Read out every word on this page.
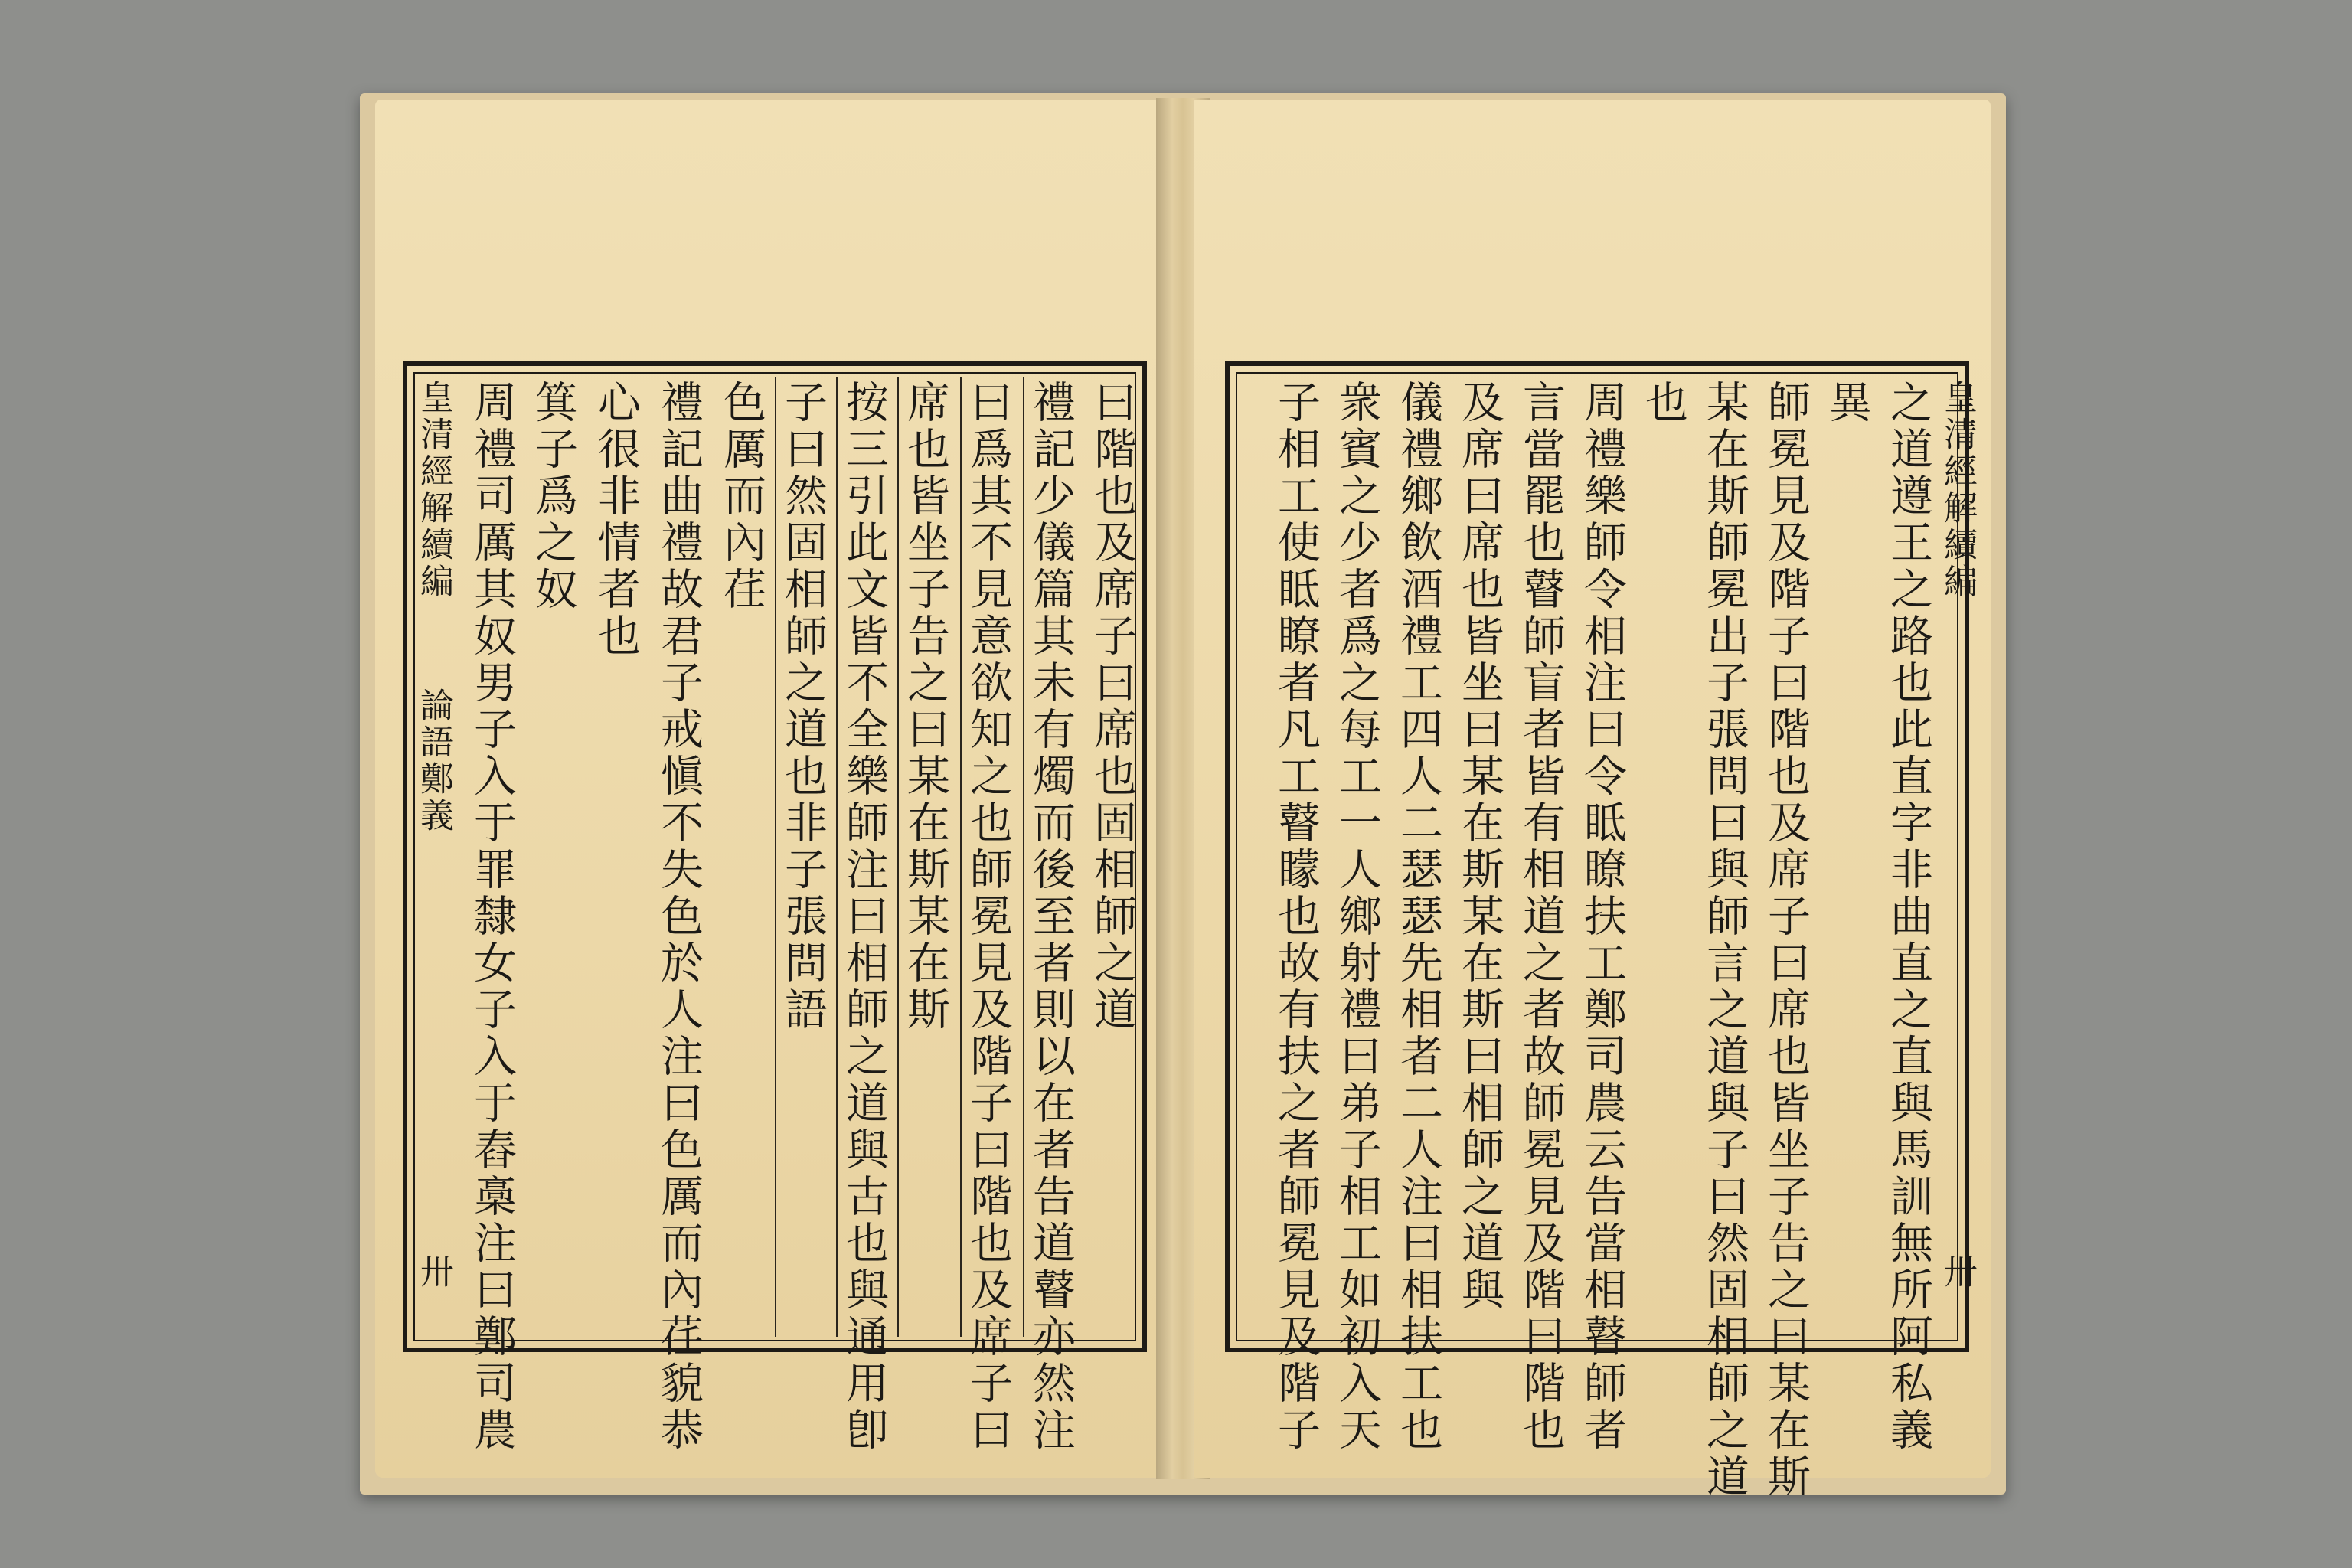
曰階也及席子曰席也固相師之道
禮記少儀篇其未有燭而後至者則以在者告道瞽亦然注
曰爲其不見意欲知之也師冕見及階子曰階也及席子曰
席也皆坐子告之曰某在斯某在斯
按三引此文皆不全樂師注曰相師之道與古也與通用卽
子曰然固相師之道也非子張問語
色厲而內荏
禮記曲禮故君子戒愼不失色於人注曰色厲而內荏貌恭
心很非情者也
箕子爲之奴
周禮司厲其奴男子入于罪隸女子入于舂槀注曰鄭司農
皇清經解續編
論語鄭義
卅	之道遵王之路也此直字非曲直之直與馬訓無所阿私義
異
師冕見及階子曰階也及席子曰席也皆坐子告之曰某在斯
某在斯師冕出子張問曰與師言之道與子曰然固相師之道
也
周禮樂師令相注曰令眡瞭扶工鄭司農云告當相瞽師者
言當罷也瞽師盲者皆有相道之者故師冕見及階曰階也
及席曰席也皆坐曰某在斯某在斯曰相師之道與
儀禮鄉飲酒禮工四人二瑟瑟先相者二人注曰相扶工也
衆賓之少者爲之每工一人鄉射禮曰弟子相工如初入天
子相工使眡瞭者凡工瞽矇也故有扶之者師冕見及階子	皇清經解續編
卅
